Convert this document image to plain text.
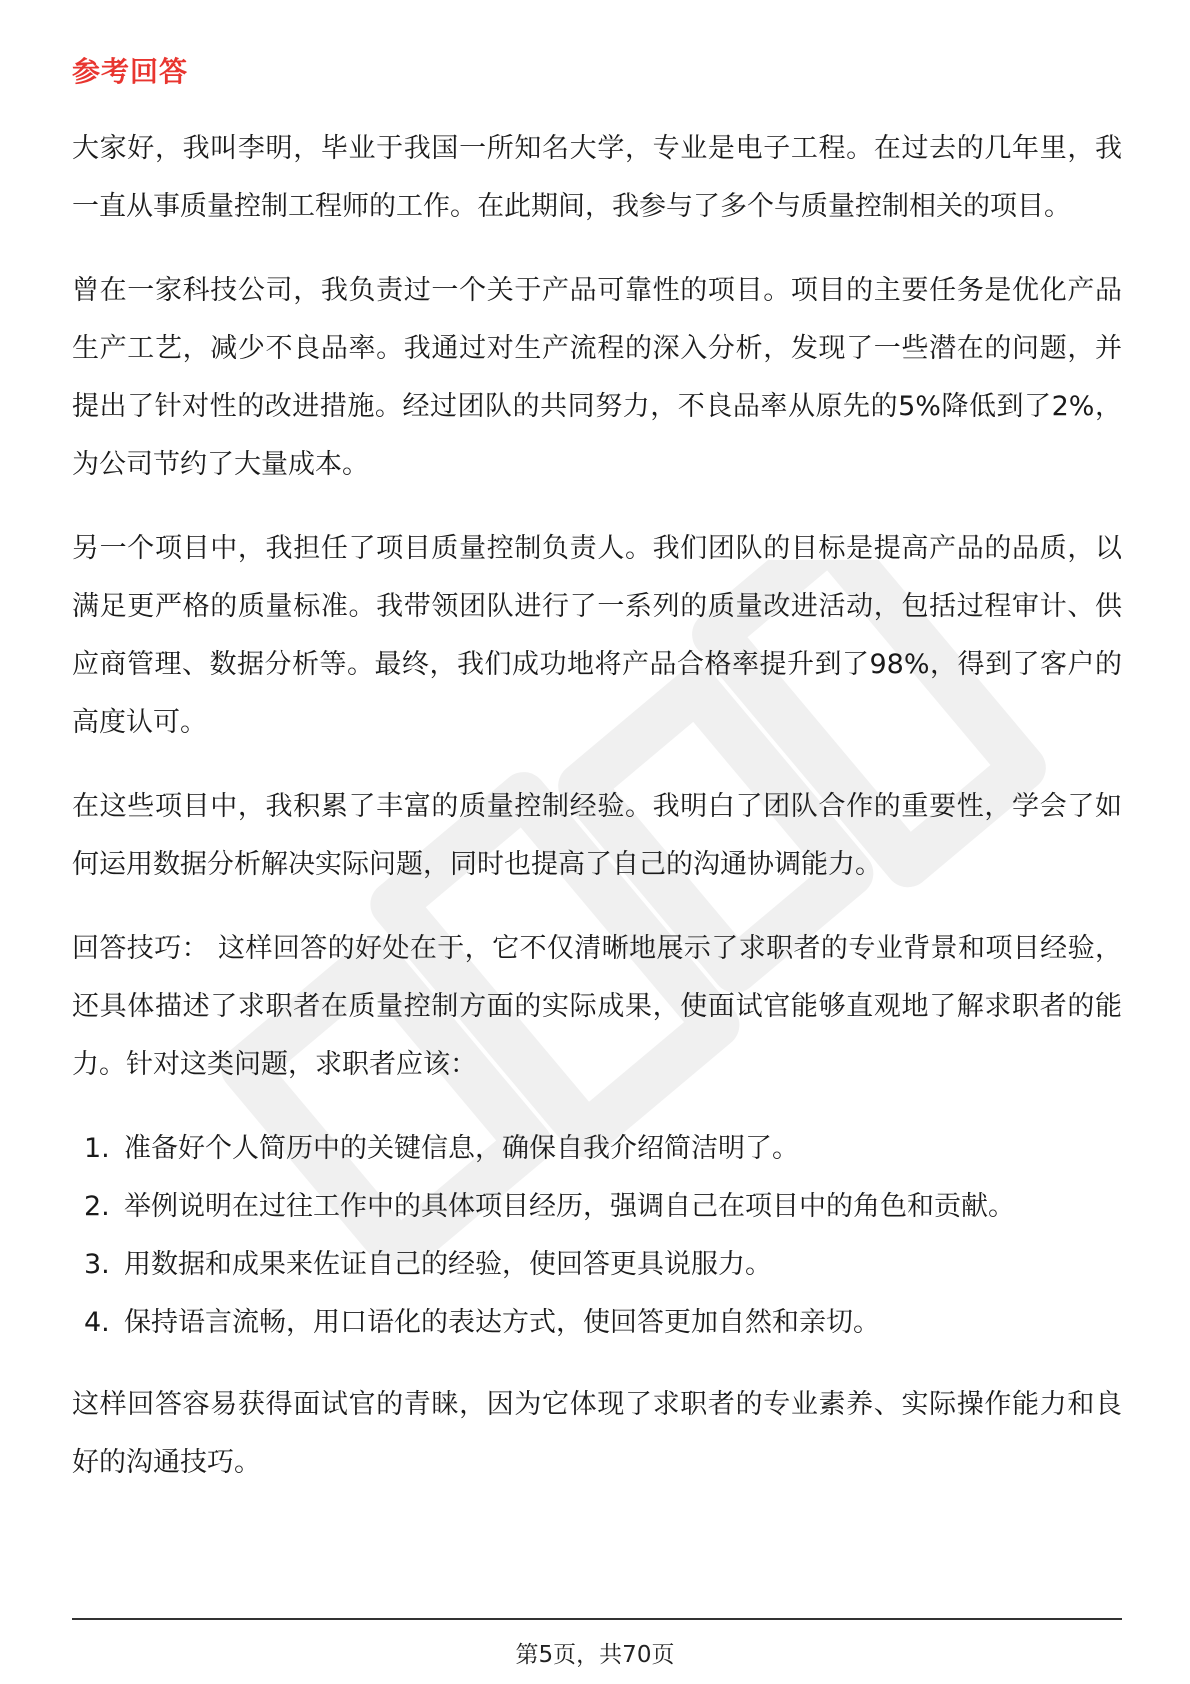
参考回答

大家好，我叫李明，毕业于我国一所知名大学，专业是电子工程。在过去的几年里，我一直从事质量控制工程师的工作。在此期间，我参与了多个与质量控制相关的项目。

曾在一家科技公司，我负责过一个关于产品可靠性的项目。项目的主要任务是优化产品生产工艺，减少不良品率。我通过对生产流程的深入分析，发现了一些潜在的问题，并提出了针对性的改进措施。经过团队的共同努力，不良品率从原先的5%降低到了2%，为公司节约了大量成本。

另一个项目中，我担任了项目质量控制负责人。我们团队的目标是提高产品的品质，以满足更严格的质量标准。我带领团队进行了一系列的质量改进活动，包括过程审计、供应商管理、数据分析等。最终，我们成功地将产品合格率提升到了98%，得到了客户的高度认可。

在这些项目中，我积累了丰富的质量控制经验。我明白了团队合作的重要性，学会了如何运用数据分析解决实际问题，同时也提高了自己的沟通协调能力。

回答技巧： 这样回答的好处在于，它不仅清晰地展示了求职者的专业背景和项目经验，还具体描述了求职者在质量控制方面的实际成果，使面试官能够直观地了解求职者的能力。针对这类问题，求职者应该：

1. 准备好个人简历中的关键信息，确保自我介绍简洁明了。
2. 举例说明在过往工作中的具体项目经历，强调自己在项目中的角色和贡献。
3. 用数据和成果来佐证自己的经验，使回答更具说服力。
4. 保持语言流畅，用口语化的表达方式，使回答更加自然和亲切。

这样回答容易获得面试官的青睐，因为它体现了求职者的专业素养、实际操作能力和良好的沟通技巧。

第5页，共70页
